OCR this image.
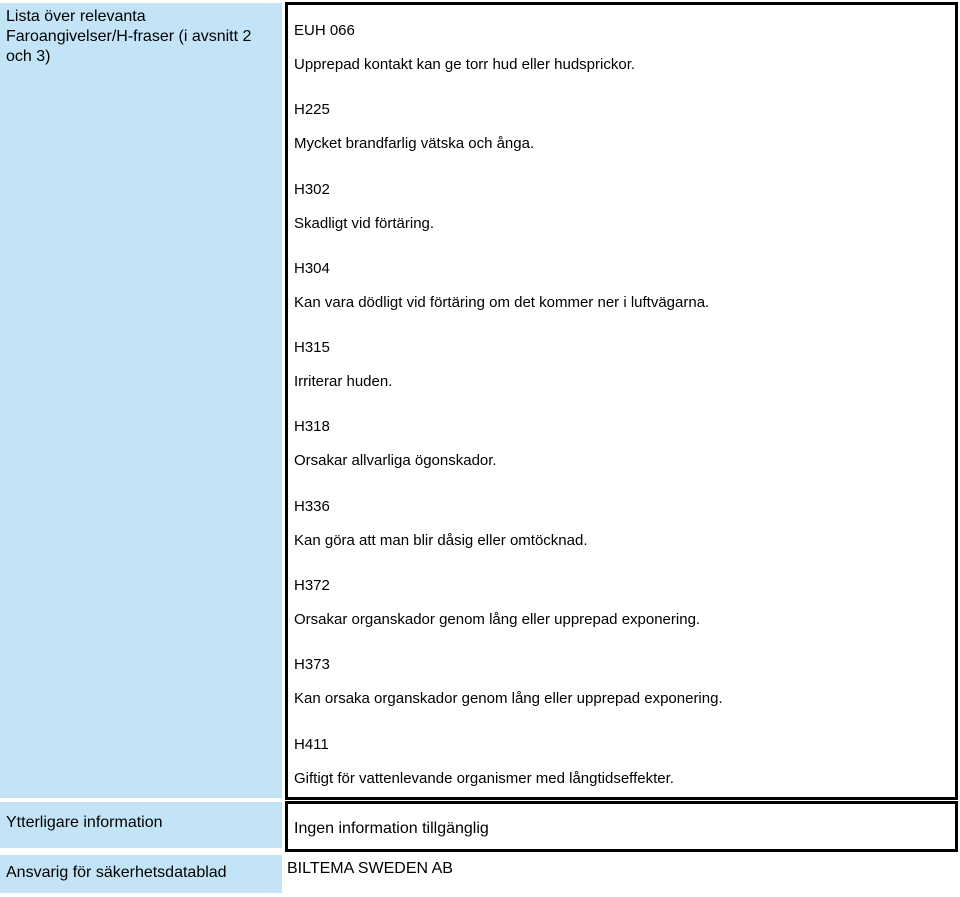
Lista över relevanta Faroangivelser/H-fraser (i avsnitt 2 och 3)
EUH 066
Upprepad kontakt kan ge torr hud eller hudsprickor.
H225
Mycket brandfarlig vätska och ånga.
H302
Skadligt vid förtäring.
H304
Kan vara dödligt vid förtäring om det kommer ner i luftvägarna.
H315
Irriterar huden.
H318
Orsakar allvarliga ögonskador.
H336
Kan göra att man blir dåsig eller omtöcknad.
H372
Orsakar organskador genom lång eller upprepad exponering.
H373
Kan orsaka organskador genom lång eller upprepad exponering.
H411
Giftigt för vattenlevande organismer med långtidseffekter.
Ytterligare information	Ingen information tillgänglig
Ansvarig för säkerhetsdatablad	BILTEMA SWEDEN AB
